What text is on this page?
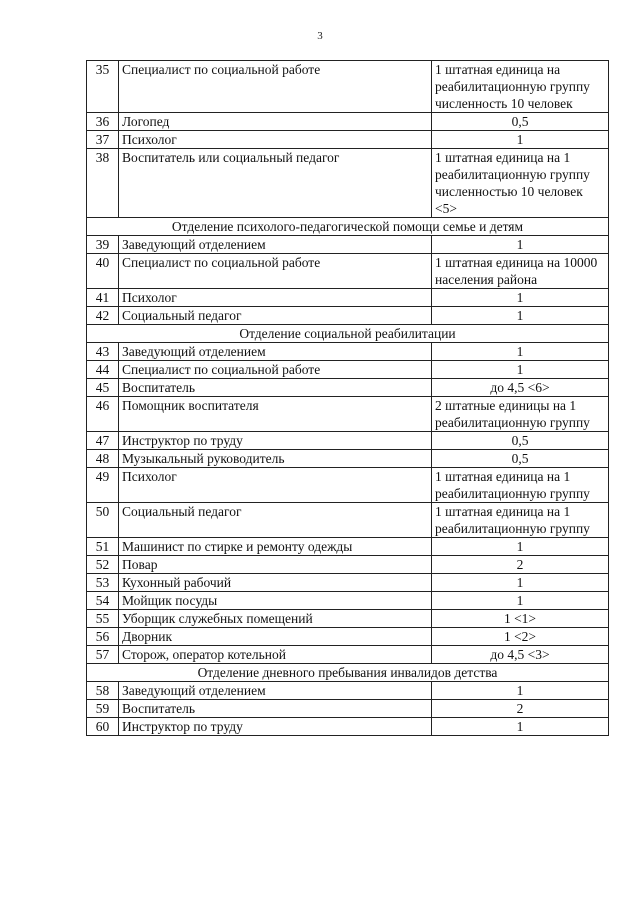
3
35	Специалист по социальной работе	1 штатная единица на реабилитационную группу численность 10 человек
36	Логопед	0,5
37	Психолог	1
38	Воспитатель или социальный педагог	1 штатная единица на 1 реабилитационную группу численностью 10 человек <5>
Отделение психолого-педагогической помощи семье и детям		
39	Заведующий отделением	1
40	Специалист по социальной работе	1 штатная единица на 10000 населения района
41	Психолог	1
42	Социальный педагог	1
Отделение социальной реабилитации		
43	Заведующий отделением	1
44	Специалист по социальной работе	1
45	Воспитатель	до 4,5 <6>
46	Помощник воспитателя	2 штатные единицы на 1 реабилитационную группу
47	Инструктор по труду	0,5
48	Музыкальный руководитель	0,5
49	Психолог	1 штатная единица на 1 реабилитационную группу
50	Социальный педагог	1 штатная единица на 1 реабилитационную группу
51	Машинист по стирке и ремонту одежды	1
52	Повар	2
53	Кухонный рабочий	1
54	Мойщик посуды	1
55	Уборщик служебных помещений	1 <1>
56	Дворник	1 <2>
57	Сторож, оператор котельной	до 4,5 <3>
Отделение дневного пребывания инвалидов детства		
58	Заведующий отделением	1
59	Воспитатель	2
60	Инструктор по труду	1
